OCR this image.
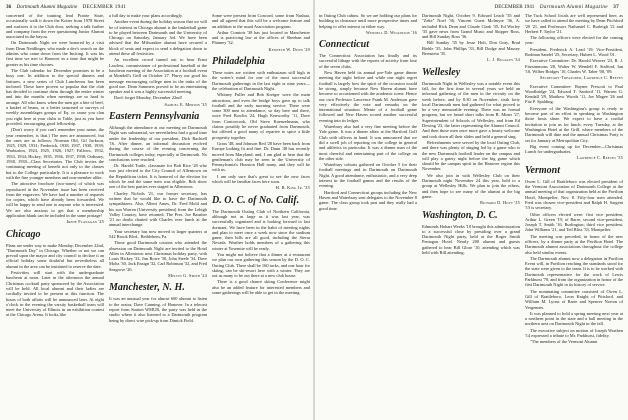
36 Dartmouth Alumni Magazine DECEMBER 1941

concerned of the training lead Prairie State, occasionally walk it down the Kotter from 1978 Street and surfaces it to the Club door, seeking a talk further and company from the ever questioning Junior Alumni associated in the bayou.

On Dartmouth Night we were honored by a visit from Dean Neidlinger, who made a dev's search on the admins who came down from the Inciting. It was his first time we met to Hanover in a time that might be greater as his time chooses.

The Club calendar for December promises to be a busy one. In addition to the special dinners and features, a new series of Club Luncheons has been inclosed. These have proven so popular that the club has decided to continue them through the entire winter and into the months when meetings are so hard to arrange. All who know when the men get a bite of beef, a basket of beans, or a better seasoned or surveys of weekly assemblages groups of Eq. or cause you clan you right here at your clubs to Table, just as you have provided, encouraging good fellowship.

(Don't worry if you can't remember your name, the year remember, is that.) The men are announced, but the ones are as follows: Norman Ohl, Gil Jackson, 1925, 1929, 1931; Frederick, 1938, 1937, 1938, 1939; Warburton, 1924, 1925, 1926, 1927; Fallows, 1932, 1933, 1934; Hickey, 1935, 1936, 1937, 1938; Ordinary, 1938, 1939—Class Secretaries. The Club invites the continuing meeting of benefit not only to the classes but to the College particularly. It is a pleasure to work with the fine younger members and non-member alike.

The attractive brochure (two-tones) of which was reproduced in the November issue has been received from the engravers. We have had a number of requests for copies, which have already been forwarded. We will be happy to send one to anyone who is interested. We are also anxious to get that a membership application blank can be included in the same postage!

Irene Flanagan '25
Chicago

Plans are under way to make Monday, December 22nd, "Dartmouth Day" in Chicago. Whether or not we can prevail upon the mayor and city council to declare it an official holiday some doubtful but nevertheless all alumni in the area can be instituted to reserve the date.

Festivities will start with the undergraduate luncheon at noon. Later in the afternoon the annual Christmas cocktail party sponsored by the Association will be held. All local alumni and their ladies are cordially invited to be present at this function. The hours of both affairs will be announced later. At eight o'clock in the evening the varsity basketball team will meet the University of Illinois in an exhibition contest at the Chicago Arena. It looks like

a full day to make your plans accordingly.

Another event during the holiday season that we will be of interest in Chicago alumni is the basketball game to be played between Dartmouth and the University of Chicago on Saturday, January 3rd. We have been advised that the Milwaukee alumni have secured a block of seats and expect to send a delegation down to attend these all festivities.

An excellent crowd turned out to hear Ernst Lawless, commissioner of professional baseball at the luncheon meeting of the Association at a football event at Mondell's Grill on October 27. Flurry our good his message encouraging college men in the tasks of the good use. Dean Sammers proved to be an entertaining speaker and it was a highly successful meeting.

Don't forget Monday, December 22nd!

Samuel E. Merwin '35
Eastern Pennsylvania

Although the attendance at our meeting on Dartmouth Night was substantial, we nevertheless had a good time under the leadership of our president, Dick Bachtell '16. After dinner, an informal discussion evolved during the course of the evening concerning the Dartmouth colleges today, especially at Dartmouth. No conclusions were reached.

Dr. Harold Tuttle, classmate for Bob Rice '28 who was just elected to the City Council of Allentown on the Republican ticket. It is honored of the election for which he and the same men was eligible. Bob show one of the best parties ever staged in Allentown.

Charley Nichols '21, our former secretary, has written that he would like to have the Dartmouth sympathizers. Also, Albert Ames, Dr. Fred Mold and his son Warren (University president) from the Lehigh Valley Country, have returned. The Pres. Joe Bausher '21 no doubt chatted with Charles over lunch at the annual interchange.

Your secretary has now moved to larger quarters at 542 Brook Blvd., Bethlehem, Pa.

Those good Dartmouth cousins who attended the obsession on Dartmouth Night are invited to the Hotel Allen in Allentown next Christmas holiday party, with Louis Hickey '32, Jim Rowe '30, John Steele '34, Dave Moltz '30, Jack Ensign '32, Carl Robinson '32, and Fred Seagrove '26.

Melvin G. Smith '24
Manchester, N. H.

It was an unusual year for almost 600 alumni to listen to the orator, Dave Cunning, of Hanover. In a telecast report from Station WMUR, the party was held in the studio where it also listened to a Dartmouth program being by direct wire pick-up from Dimick Field.

Some were present from Concord, some from Nashua, and all agreed that this will be a welcome feature and an addition to the usual Association program.

Arthur Comtois '38 has just located in Manchester and is practicing law at the offices of Sheehan and Phinney '32.

Kenneth W. Dunn '29
Philadelphia

These notes are written with enthusiasm still high in the writer's mind for one of the most successful Dartmouth gatherings in the last eight or nine years—the celebration of Dartmouth Night.

Whitney Fuller and Bob Kreiger were the main attractions, and even the bridge boys gave up to talk football and the early morning service. There were some 300 men in attendance, so day here and there, wore Fred Bowlin '24, Hugh Kenworthy '11, Dave from Contoocook, Old Steve Kuenzelmann, who claims possibly he never graduated from Dartmouth, but offered a good many of repartee to spice a little prosperity together.

Grass '48, and Johnson Red '28 have been back from Europe looking fit and fine. Dr. Dunn '48 has recently moved from Maryland, and, I am glad to hear that the gentleman's club may be seen in the University of Pennsylvania's Houston Hall many, and they will be with us.

I am only sure that's great to see the new faces which will be familiar faces here soon.

H. B. King Jr. '35
D. O. C. of No. Calif.

The Dartmouth Outing Club of Northern California, although not as large as it was last year, was successfully organized and is looking forward to fast dormant. We have been in the habit of meeting nights and plan to meet once a week now since the stadium game, then hills are all good, including the Sierra Nevada. Weather holds members of a gathering this winter at Yosemite will be ready.

You might not believe that a dinner at a restaurant we plan our own gathering this season by the D. O. C. Outing Club. There shall be 160 tacks, and one hour for skiing, can be ski-resort here with a winter. They are out as many to be out there at a new club house.

There is a good chance skiing Conference might also be an added feature for interested members and some gatherings will be able to get in the meeting.

DECEMBER 1941 Dartmouth Alumni Magazine 37

in Outing Club cabins. So we are holding our plans for building in clearance until more prospective times and helping to offer interest in either way.

Wendell D. Wilkinson '16
Connecticut

The Connecticut Association has finally and its successful lithage with the reports of activity from four of the seven clubs.

New Haven held its annual pre-Yale game dinner meeting the night before and while one night regret football is largely how the spirit of the occasion would be strong, simply because New Haven alumni have become so accustomed with the academic scene. Hence our own Professor Lawrence Frank M. Anderson gave very effectively the vote and remarks on the international situation. Mento of a football game followed and New Haven scored another successful evening into its ledger.

Waterbury also had a very fine meeting before the Yale game. It was a dinner affair at the Hartford Golf Club with officers in hand. It was announced that we did a swell job of reporting on the college in general and athletics in particular. It was a dinner man of the most cheerful and entertaining part of the college on the other side.

Waterbury cohorts gathered on October 5 for their football meetings and in Dartmouth on Dartmouth Night. A good attendance, enthusiastic, and a very deep interest in the football games and the results of the evening.

Hartford and Connecticut groups including the New Haven and Waterbury sent delegates to the November 8 game. The class group took part and they really had a good time.

Dartmouth Night, October 9. Edward Leach '35 and "Zeke" Noel '36, Vincent Guest McIntyre '36, A. included Rick Dean and Claude Clark '35, Ed Worley '35 gave news from Grand Music and Skipper Ross, and Bill Sunday Ross '36.

Bill Sunday '35 by Jesse Holt, Don Gray, Brad Biehle '35, John Phillips '33, Bill Dodge and Massey Bernstein '35.

L. J. Ruggles '34
Wellesley

Dartmouth Night in Wellesley was a notable event this fall, for the first time in several years we held an informal gathering of the men in the vicinity on the week before, and by 8:30 on November, sixth forty local Dartmouth men had gathered for what proved to be a very memorable evening. There was no formal program, but we heard short talks from R. Miner '27, Superintendent of Schools of Wellesley, and from Ed Dewing '23, the latter representing the Alumni Council. And then those men once more gave a hearty welcome and took down all their slides and held a general sing.

Refreshments were served by the local Outing Club, and there was plenty of singing led by a game who is the new Dartmouth football leader on the campus and will play a gaiety night before the big game which should be the campus spirit in the Hanover region this November.

We also join in with Wellesley Club on their Dartmouth night November 24 this year, held to a group at Wellesley Hills. We plan to join the others, and then hope to see many of the alumni at the big game.

Richard D. Hoyt '35
Washington, D. C.

Edmonds Hobart Weeks '10 brought this administration to a successful close by presiding over a grand Dartmouth Night party, held at the Roger Smith Pentagon Hotel. Nearly 200 alumni and guests gathered to hear Bill Glose '10, attending which was held with Bill attending.

The Tuck School locals are well represented here, as we have called to attend the meeting by Dean Pitchford '20 '21, and Professors Nathaniel C. Burleigh '21 and Herbert F. Taylor '21.

The following officers were elected for the coming year:

President, Frederick A. Lead '19; Vice-President, Rodman Sandel '25; Secretary, Hubert L. Wood '01.

Executive Committee: Dr. Harold Weaver '23, R. J. Fitzsimmons '28, Walter W. Wendell F. Stafford, Ian '10, Wilber Bridges '10, Charles W. Taber '00, '09.

Secretary-Treasurer, Lawrence C. Reeves

Executive Committee: Rayner Prescott to Paul Woodbridge '24, Edward T. Sanford '11, Warren G. Kendall '29, Matthew Woods '11, Joe Magee '26 and Fitz P. Spalding.

Everyone of the Washington's group is ready to become part of an effort in speaking to Washington those hosts share. We expect to have a cordial invitation to join us for lunch, every Tuesday, at the Washington Hotel at the Grill, where members of the Dartmouth will dine and the annual Christmas Party is set for January at Metropolitan City.

Big event coming up for December—Christmas Lunch for undergraduates.

Lawrence C. Reeves '35
Vermont

Owen L. Gill of Brattleboro was elected president of the Vermont Association of Dartmouth College at the annual meeting of that organization held at the Pavilion Hotel, Montpelier, Nov. 8. Fifty-four men attended. Fred was chosen vice-president and Ralph H. Sargent '15 is secretary.

Other officers elected were: first vice president, Arthur L. Green '19; of Barre, second vice-president, Joseph T. Smith '16, Burlington; third vice president, John Williams '21, and Ted Bliss '33, Montpelier.

The meeting was preceded, in honor of the new officers, by a dinner party at the Pavilion Hotel. The Dartmouth alumni associations throughout the college also held similar events.

The Dartmouth alumni now a delegation in Pavilion Event will, in Pavilion reaching the standards stood for the state were given to the team. It is to be worked with Dartmouth representative for the work of Lewis Parkhurst '78, and from the organization in honor of the first Dartmouth Night in its history of service.

The nominating committee consisted of Owen L. Gill of Brattleboro, Leon Knight of Pittsford, and William M. Lyons of Barre and Spencer Norton of Vergennes.

It was planned to hold a spring meeting next year at a northern point in the state and a ball meeting in the northern area on Dartmouth Night in the fall.

The executive subject on motion of Joseph Worthen '14 expressed a tribute to Mr. Parkhurst, fidelity.

"The members of the Vermont Alumni
